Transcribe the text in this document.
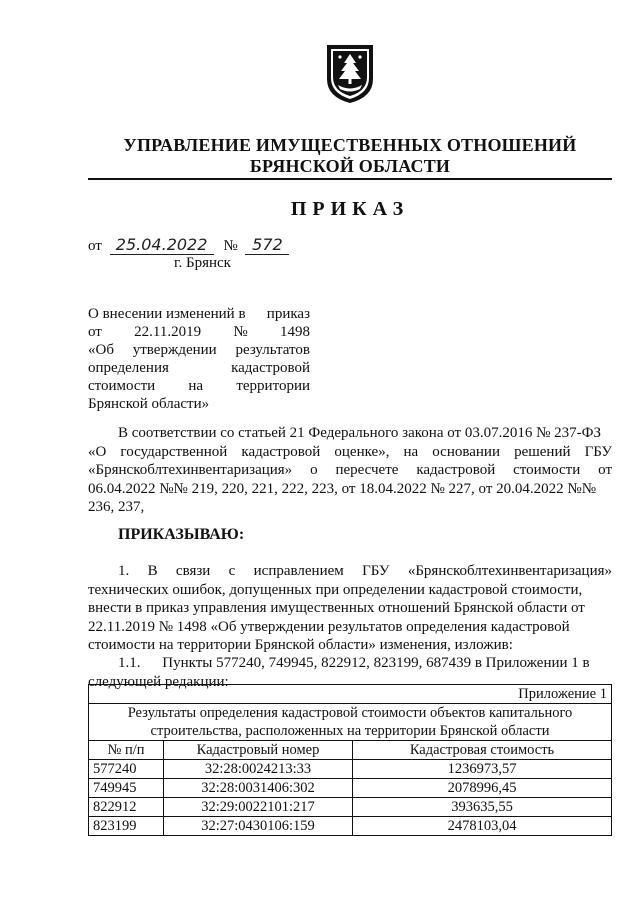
УПРАВЛЕНИЕ ИМУЩЕСТВЕННЫХ ОТНОШЕНИЙ
БРЯНСКОЙ ОБЛАСТИ
ПРИКАЗ
от 25.04.2022 № 572
г. Брянск
О внесении изменений в приказ
от 22.11.2019 № 1498
«Об утверждении результатов
определения	кадастровой
стоимости на территории
Брянской области»
В соответствии со статьей 21 Федерального закона от 03.07.2016 № 237-ФЗ
«О государственной кадастровой оценке», на основании решений ГБУ
«Брянскоблтехинвентаризация» о пересчете кадастровой стоимости от
06.04.2022 №№ 219, 220, 221, 222, 223, от 18.04.2022 № 227, от 20.04.2022 №№
236, 237,
ПРИКАЗЫВАЮ:
1. В связи с исправлением ГБУ «Брянскоблтехинвентаризация»
технических ошибок, допущенных при определении кадастровой стоимости,
внести в приказ управления имущественных отношений Брянской области от
22.11.2019 № 1498 «Об утверждении результатов определения кадастровой
стоимости на территории Брянской области» изменения, изложив:
1.1. Пункты 577240, 749945, 822912, 823199, 687439 в Приложении 1 в
следующей редакции:
Приложение 1		

Результаты определения кадастровой стоимости объектов капитального
строительства, расположенных на территории Брянской области		

№ п/п	Кадастровый номер	Кадастровая стоимость
577240	32:28:0024213:33	1236973,57
749945	32:28:0031406:302	2078996,45
822912	32:29:0022101:217	393635,55
823199	32:27:0430106:159	2478103,04
